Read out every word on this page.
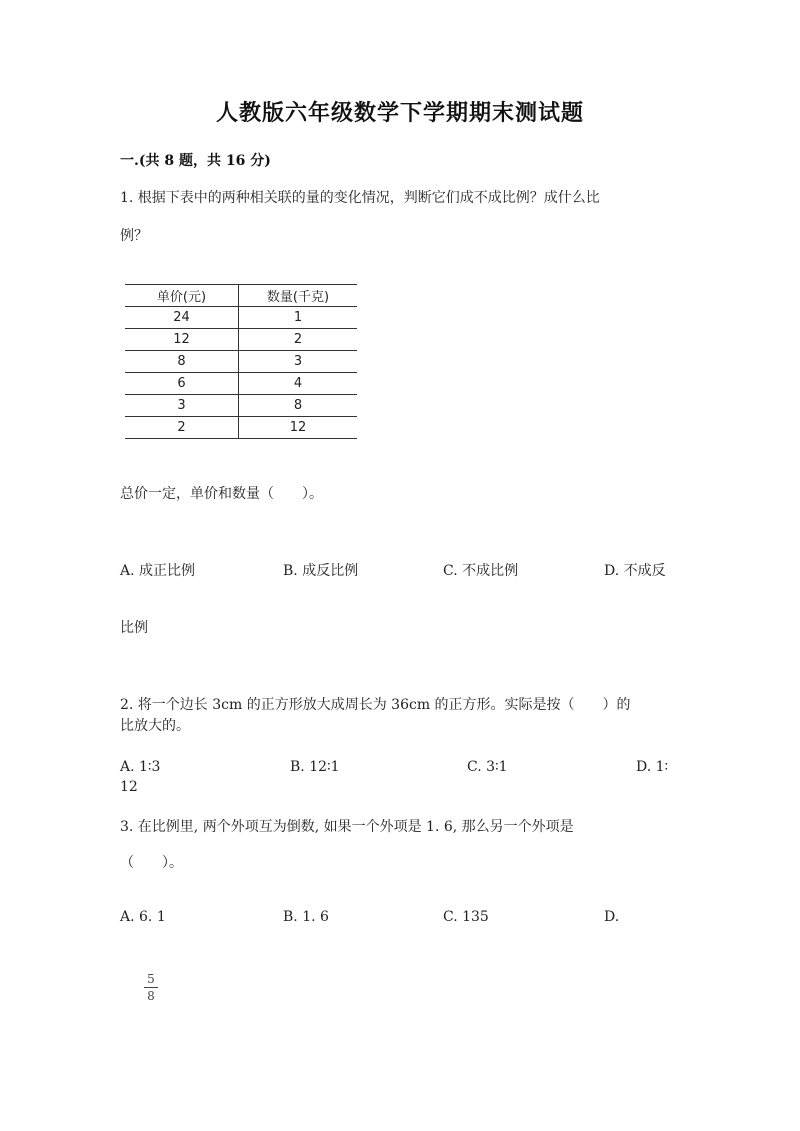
人教版六年级数学下学期期末测试题
一.(共 8 题，共 16 分)
1. 根据下表中的两种相关联的量的变化情况，判断它们成不成比例？成什么比
例？
单价(元)	数量(千克)
24	1
12	2
8	3
6	4
3	8
2	12
总价一定，单价和数量（　　）。
A. 成正比例	B. 成反比例	C. 不成比例	D. 不成反
比例
2. 将一个边长 3cm 的正方形放大成周长为 36cm 的正方形。实际是按（　　）的
比放大的。
A. 1∶3	B. 12∶1	C. 3∶1	D. 1∶
12
3. 在比例里, 两个外项互为倒数, 如果一个外项是 1. 6, 那么另一个外项是
（　　）。
A. 6. 1	B. 1. 6	C. 135	D.
5
8
